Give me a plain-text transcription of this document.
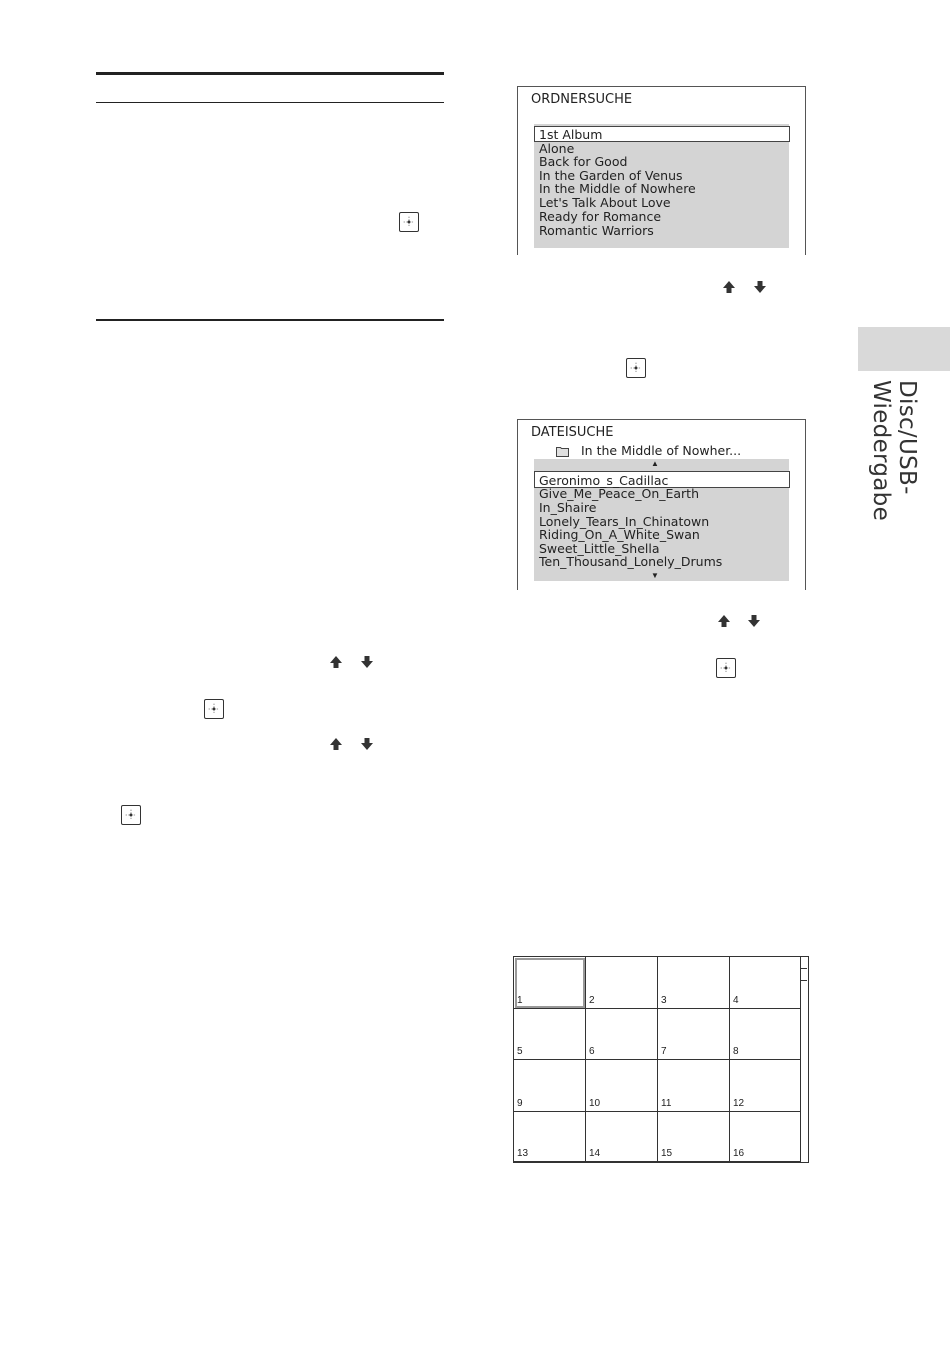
ORDNERSUCHE
1st Album
Alone
Back for Good
In the Garden of Venus
In the Middle of Nowhere
Let's Talk About Love
Ready for Romance
Romantic Warriors
DATEISUCHE
In the Middle of Nowher...
▲
Geronimo_s_Cadillac
Give_Me_Peace_On_Earth
In_Shaire
Lonely_Tears_In_Chinatown
Riding_On_A_White_Swan
Sweet_Little_Shella
Ten_Thousand_Lonely_Drums
▼
Disc/USB-Wiedergabe
1	2	3	4
5	6	7	8
9	10	11	12
13	14	15	16
